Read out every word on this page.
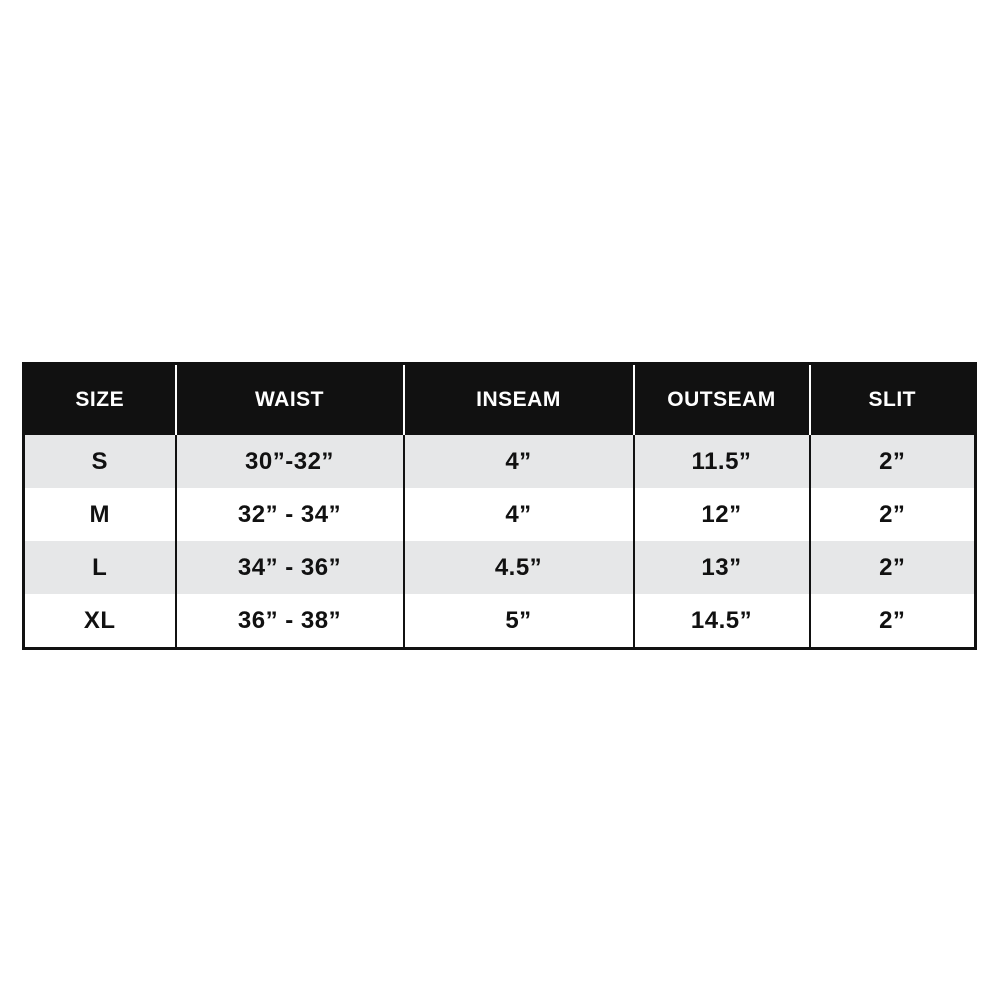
SIZE	WAIST	INSEAM	OUTSEAM	SLIT
S	30”-32”	4”	11.5”	2”
M	32” - 34”	4”	12”	2”
L	34” - 36”	4.5”	13”	2”
XL	36” - 38”	5”	14.5”	2”
